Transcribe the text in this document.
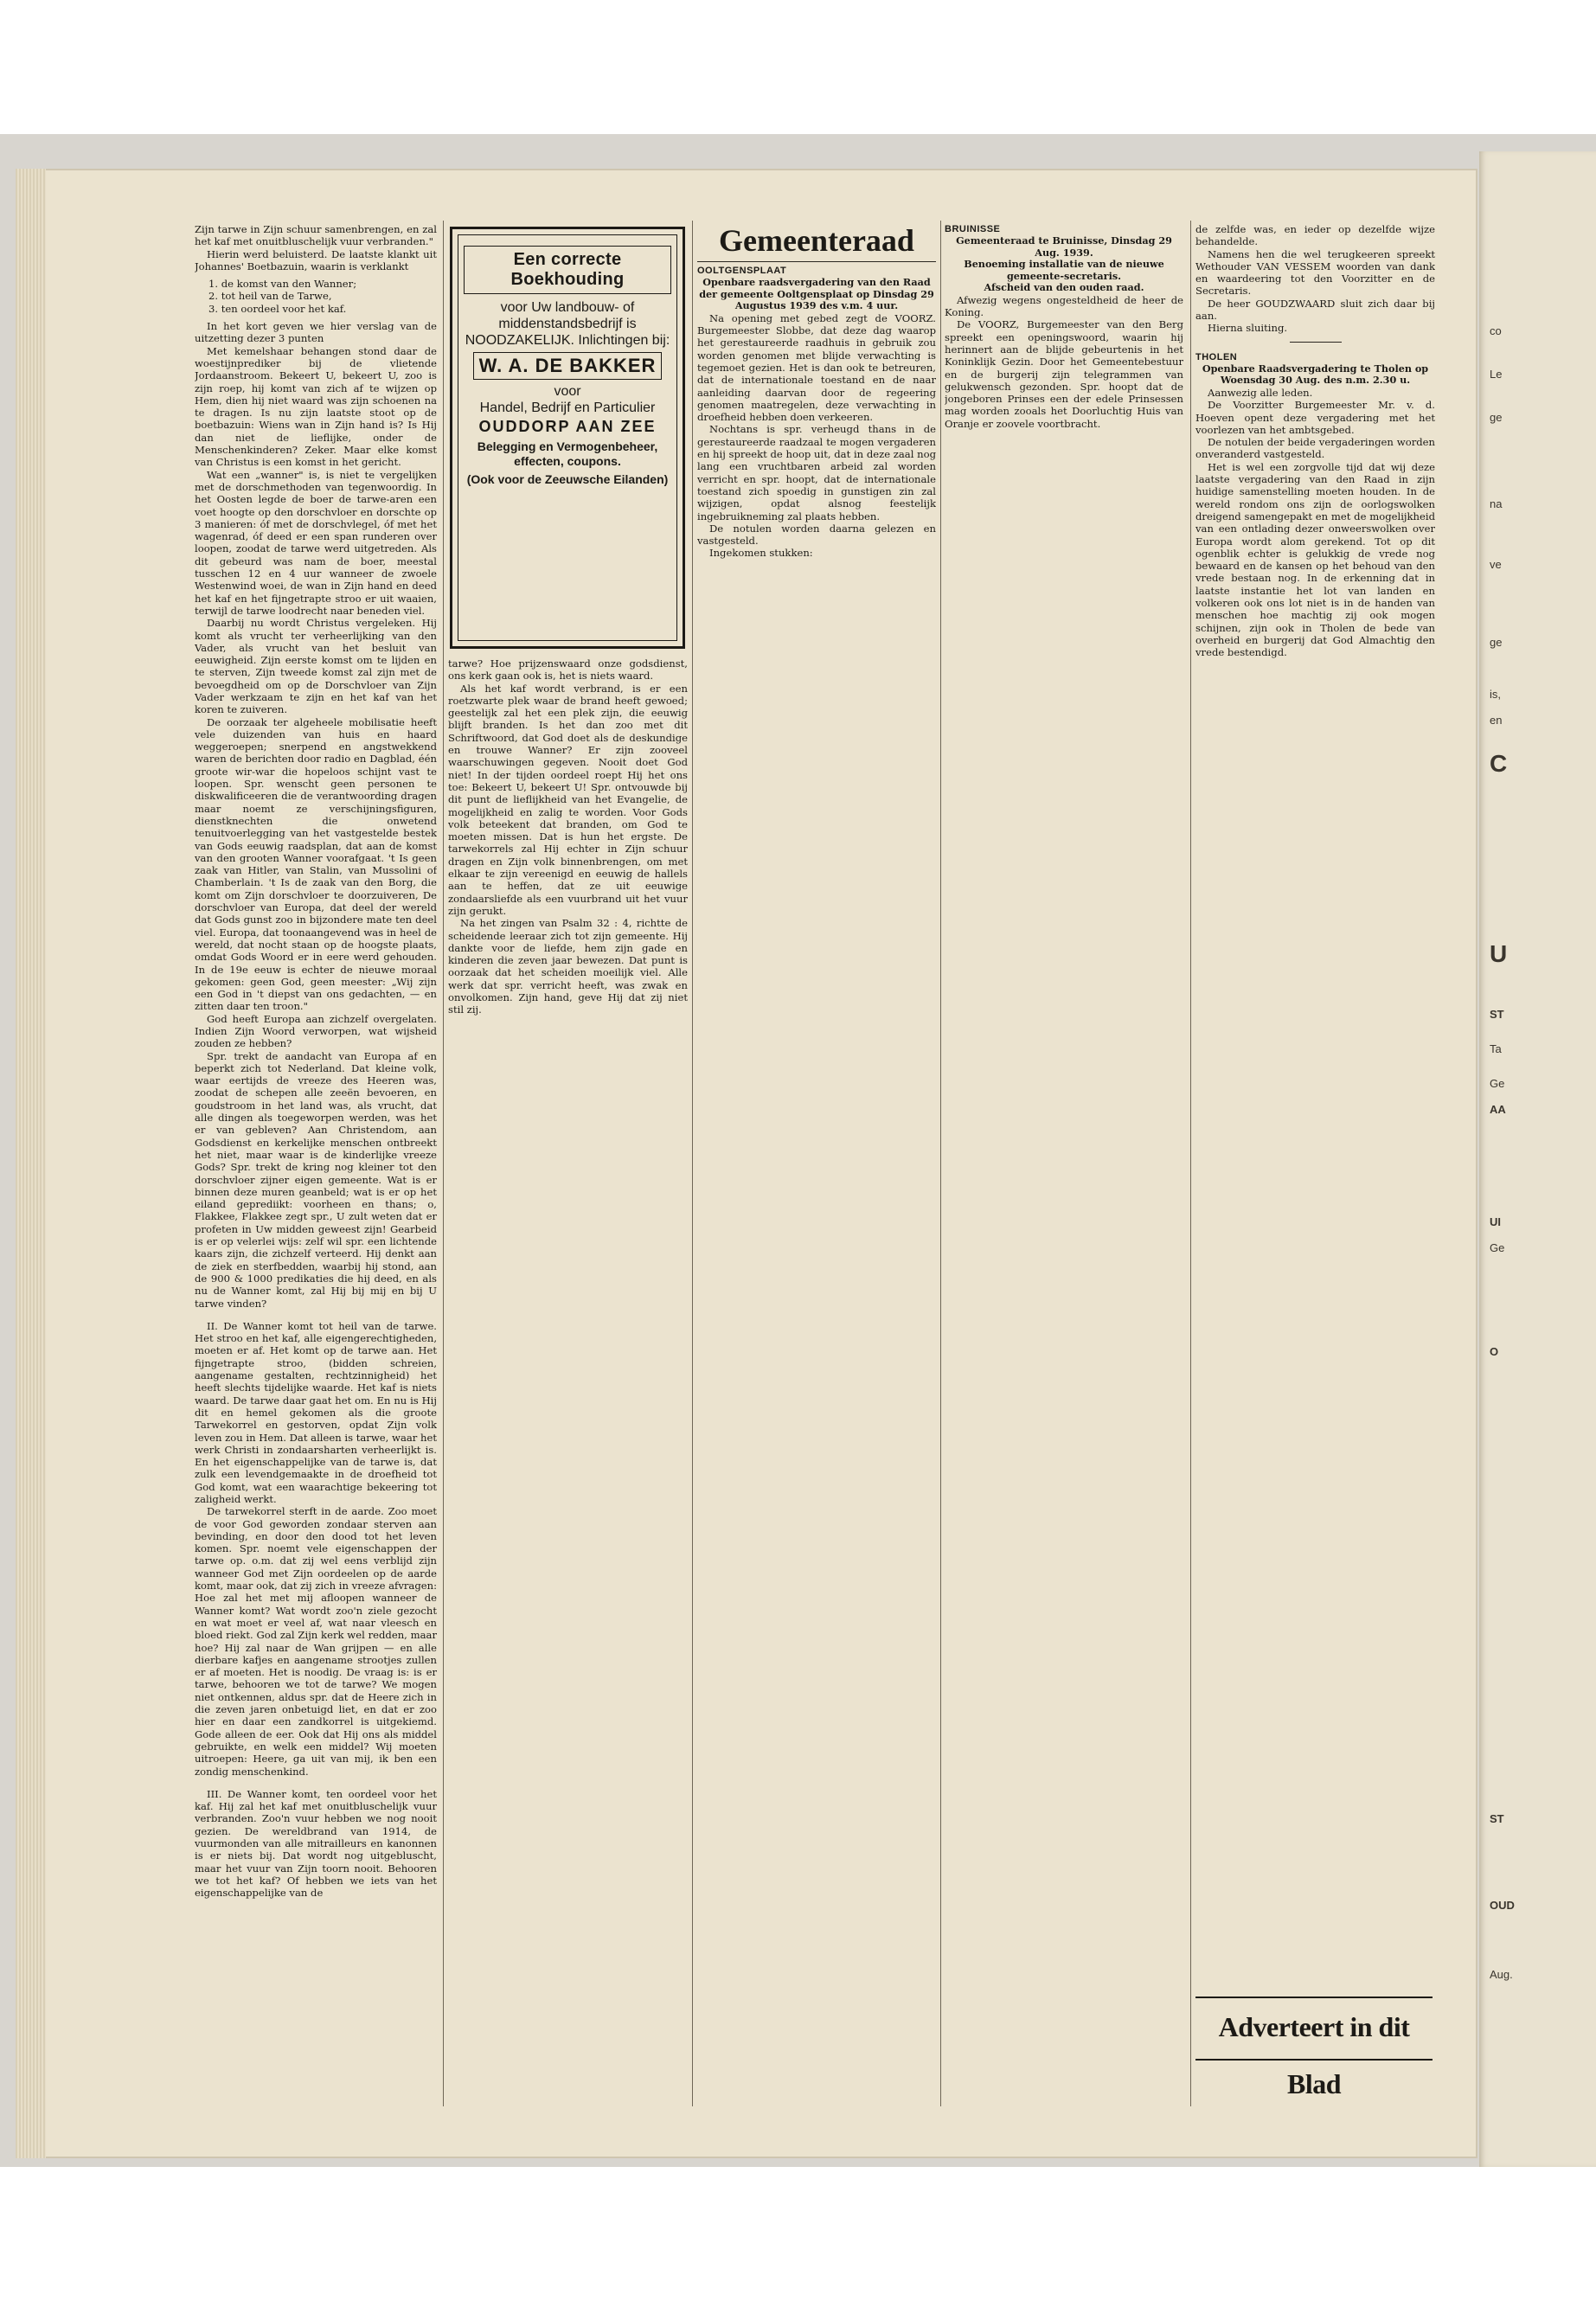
co
Le
ge
na
ve
ge
is,
en
C
U
ST
Ta
Ge
AA
UI
Ge
O
ST
OUD
Aug.

Zijn tarwe in Zijn schuur samenbrengen, en zal het kaf met onuitbluschelijk vuur verbranden."

Hierin werd beluisterd. De laatste klankt uit Johannes' Boetbazuin, waarin is verklankt

1. de komst van den Wanner;

2. tot heil van de Tarwe,

3. ten oordeel voor het kaf.

In het kort geven we hier verslag van de uitzetting dezer 3 punten

Met kemelshaar behangen stond daar de woestijnprediker bij de vlietende Jordaanstroom. Bekeert U, bekeert U, zoo is zijn roep, hij komt van zich af te wijzen op Hem, dien hij niet waard was zijn schoenen na te dragen. Is nu zijn laatste stoot op de boetbazuin: Wiens wan in Zijn hand is? Is Hij dan niet de lieflijke, onder de Menschenkinderen? Zeker. Maar elke komst van Christus is een komst in het gericht.

Wat een „wanner" is, is niet te vergelijken met de dorschmethoden van tegenwoordig. In het Oosten legde de boer de tarwe-aren een voet hoogte op den dorschvloer en dorschte op 3 manieren: óf met de dorschvlegel, óf met het wagenrad, óf deed er een span runderen over loopen, zoodat de tarwe werd uitgetreden. Als dit gebeurd was nam de boer, meestal tusschen 12 en 4 uur wanneer de zwoele Westenwind woei, de wan in Zijn hand en deed het kaf en het fijngetrapte stroo er uit waaien, terwijl de tarwe loodrecht naar beneden viel.

Daarbij nu wordt Christus vergeleken. Hij komt als vrucht ter verheerlijking van den Vader, als vrucht van het besluit van eeuwigheid. Zijn eerste komst om te lijden en te sterven, Zijn tweede komst zal zijn met de bevoegdheid om op de Dorschvloer van Zijn Vader werkzaam te zijn en het kaf van het koren te zuiveren.

De oorzaak ter algeheele mobilisatie heeft vele duizenden van huis en haard weggeroepen; snerpend en angstwekkend waren de berichten door radio en Dagblad, één groote wir-war die hopeloos schijnt vast te loopen. Spr. wenscht geen personen te diskwalificeeren die de verantwoording dragen maar noemt ze verschijningsfiguren, dienstknechten die onwetend tenuitvoerlegging van het vastgestelde bestek van Gods eeuwig raadsplan, dat aan de komst van den grooten Wanner voorafgaat. 't Is geen zaak van Hitler, van Stalin, van Mussolini of Chamberlain. 't Is de zaak van den Borg, die komt om Zijn dorschvloer te doorzuiveren, De dorschvloer van Europa, dat deel der wereld dat Gods gunst zoo in bijzondere mate ten deel viel. Europa, dat toonaangevend was in heel de wereld, dat nocht staan op de hoogste plaats, omdat Gods Woord er in eere werd gehouden. In de 19e eeuw is echter de nieuwe moraal gekomen: geen God, geen meester: „Wij zijn een God in 't diepst van ons gedachten, — en zitten daar ten troon."

God heeft Europa aan zichzelf overgelaten. Indien Zijn Woord verworpen, wat wijsheid zouden ze hebben?

Spr. trekt de aandacht van Europa af en beperkt zich tot Nederland. Dat kleine volk, waar eertijds de vreeze des Heeren was, zoodat de schepen alle zeeën bevoeren, en goudstroom in het land was, als vrucht, dat alle dingen als toegeworpen werden, was het er van gebleven? Aan Christendom, aan Godsdienst en kerkelijke menschen ontbreekt het niet, maar waar is de kinderlijke vreeze Gods? Spr. trekt de kring nog kleiner tot den dorschvloer zijner eigen gemeente. Wat is er binnen deze muren geanbeld; wat is er op het eiland geprediikt: voorheen en thans; o, Flakkee, Flakkee zegt spr., U zult weten dat er profeten in Uw midden geweest zijn! Gearbeid is er op velerlei wijs: zelf wil spr. een lichtende kaars zijn, die zichzelf verteerd. Hij denkt aan de ziek en sterfbedden, waarbij hij stond, aan de 900 & 1000 predikaties die hij deed, en als nu de Wanner komt, zal Hij bij mij en bij U tarwe vinden?

II. De Wanner komt tot heil van de tarwe. Het stroo en het kaf, alle eigengerechtigheden, moeten er af. Het komt op de tarwe aan. Het fijngetrapte stroo, (bidden schreien, aangename gestalten, rechtzinnigheid) het heeft slechts tijdelijke waarde. Het kaf is niets waard. De tarwe daar gaat het om. En nu is Hij dit en hemel gekomen als die groote Tarwekorrel en gestorven, opdat Zijn volk leven zou in Hem. Dat alleen is tarwe, waar het werk Christi in zondaarsharten verheerlijkt is. En het eigenschappelijke van de tarwe is, dat zulk een levendgemaakte in de droefheid tot God komt, wat een waarachtige bekeering tot zaligheid werkt.

De tarwekorrel sterft in de aarde. Zoo moet de voor God geworden zondaar sterven aan bevinding, en door den dood tot het leven komen. Spr. noemt vele eigenschappen der tarwe op. o.m. dat zij wel eens verblijd zijn wanneer God met Zijn oordeelen op de aarde komt, maar ook, dat zij zich in vreeze afvragen: Hoe zal het met mij afloopen wanneer de Wanner komt? Wat wordt zoo'n ziele gezocht en wat moet er veel af, wat naar vleesch en bloed riekt. God zal Zijn kerk wel redden, maar hoe? Hij zal naar de Wan grijpen — en alle dierbare kafjes en aangename strootjes zullen er af moeten. Het is noodig. De vraag is: is er tarwe, behooren we tot de tarwe? We mogen niet ontkennen, aldus spr. dat de Heere zich in die zeven jaren onbetuigd liet, en dat er zoo hier en daar een zandkorrel is uitgekiemd. Gode alleen de eer. Ook dat Hij ons als middel gebruikte, en welk een middel? Wij moeten uitroepen: Heere, ga uit van mij, ik ben een zondig menschenkind.

III. De Wanner komt, ten oordeel voor het kaf. Hij zal het kaf met onuitbluschelijk vuur verbranden. Zoo'n vuur hebben we nog nooit gezien. De wereldbrand van 1914, de vuurmonden van alle mitrailleurs en kanonnen is er niets bij. Dat wordt nog uitgebluscht, maar het vuur van Zijn toorn nooit. Behooren we tot het kaf? Of hebben we iets van het eigenschappelijke van de

Een correcte Boekhouding
voor Uw landbouw- of middenstandsbedrijf is NOODZAKELIJK. Inlichtingen bij:
W. A. DE BAKKER
voor
Handel, Bedrijf en Particulier
OUDDORP AAN ZEE
Belegging en Vermogenbeheer, effecten, coupons.
(Ook voor de Zeeuwsche Eilanden)

tarwe? Hoe prijzenswaard onze godsdienst, ons kerk gaan ook is, het is niets waard.

Als het kaf wordt verbrand, is er een roetzwarte plek waar de brand heeft gewoed; geestelijk zal het een plek zijn, die eeuwig blijft branden. Is het dan zoo met dit Schriftwoord, dat God doet als de deskundige en trouwe Wanner? Er zijn zooveel waarschuwingen gegeven. Nooit doet God niet! In der tijden oordeel roept Hij het ons toe: Bekeert U, bekeert U! Spr. ontvouwde bij dit punt de lieflijkheid van het Evangelie, de mogelijkheid en zalig te worden. Voor Gods volk beteekent dat branden, om God te moeten missen. Dat is hun het ergste. De tarwekorrels zal Hij echter in Zijn schuur dragen en Zijn volk binnenbrengen, om met elkaar te zijn vereenigd en eeuwig de hallels aan te heffen, dat ze uit eeuwige zondaarsliefde als een vuurbrand uit het vuur zijn gerukt.

Na het zingen van Psalm 32 : 4, richtte de scheidende leeraar zich tot zijn gemeente. Hij dankte voor de liefde, hem zijn gade en kinderen die zeven jaar bewezen. Dat punt is oorzaak dat het scheiden moeilijk viel. Alle werk dat spr. verricht heeft, was zwak en onvolkomen. Zijn hand, geve Hij dat zij niet stil zij.

Gemeenteraad

OOLTGENSPLAAT

Openbare raadsvergadering van den Raad der gemeente Ooltgensplaat op Dinsdag 29 Augustus 1939 des v.m. 4 uur.

Na opening met gebed zegt de VOORZ. Burgemeester Slobbe, dat deze dag waarop het gerestaureerde raadhuis in gebruik zou worden genomen met blijde verwachting is tegemoet gezien. Het is dan ook te betreuren, dat de internationale toestand en de naar aanleiding daarvan door de regeering genomen maatregelen, deze verwachting in droefheid hebben doen verkeeren.

Nochtans is spr. verheugd thans in de gerestaureerde raadzaal te mogen vergaderen en hij spreekt de hoop uit, dat in deze zaal nog lang een vruchtbaren arbeid zal worden verricht en spr. hoopt, dat de internationale toestand zich spoedig in gunstigen zin zal wijzigen, opdat alsnog feestelijk ingebruikneming zal plaats hebben.

De notulen worden daarna gelezen en vastgesteld.

Ingekomen stukken:

BRUINISSE

Gemeenteraad te Bruinisse, Dinsdag 29 Aug. 1939.

Benoeming installatie van de nieuwe gemeente-secretaris.

Afscheid van den ouden raad.

Afwezig wegens ongesteldheid de heer de Koning.

De VOORZ, Burgemeester van den Berg spreekt een openingswoord, waarin hij herinnert aan de blijde gebeurtenis in het Koninklijk Gezin. Door het Gemeentebestuur en de burgerij zijn telegrammen van gelukwensch gezonden. Spr. hoopt dat de jongeboren Prinses een der edele Prinsessen mag worden zooals het Doorluchtig Huis van Oranje er zoovele voortbracht.

de zelfde was, en ieder op dezelfde wijze behandelde.

Namens hen die wel terugkeeren spreekt Wethouder VAN VESSEM woorden van dank en waardeering tot den Voorzitter en de Secretaris.

De heer GOUDZWAARD sluit zich daar bij aan.

Hierna sluiting.

THOLEN

Openbare Raadsvergadering te Tholen op Woensdag 30 Aug. des n.m. 2.30 u.

Aanwezig alle leden.

De Voorzitter Burgemeester Mr. v. d. Hoeven opent deze vergadering met het voorlezen van het ambtsgebed.

De notulen der beide vergaderingen worden onveranderd vastgesteld.

Het is wel een zorgvolle tijd dat wij deze laatste vergadering van den Raad in zijn huidige samenstelling moeten houden. In de wereld rondom ons zijn de oorlogswolken dreigend samengepakt en met de mogelijkheid van een ontlading dezer onweerswolken over Europa wordt alom gerekend. Tot op dit ogenblik echter is gelukkig de vrede nog bewaard en de kansen op het behoud van den vrede bestaan nog. In de erkenning dat in laatste instantie het lot van landen en volkeren ook ons lot niet is in de handen van menschen hoe machtig zij ook mogen schijnen, zijn ook in Tholen de bede van overheid en burgerij dat God Almachtig den vrede bestendigd.

Adverteert in dit Blad
